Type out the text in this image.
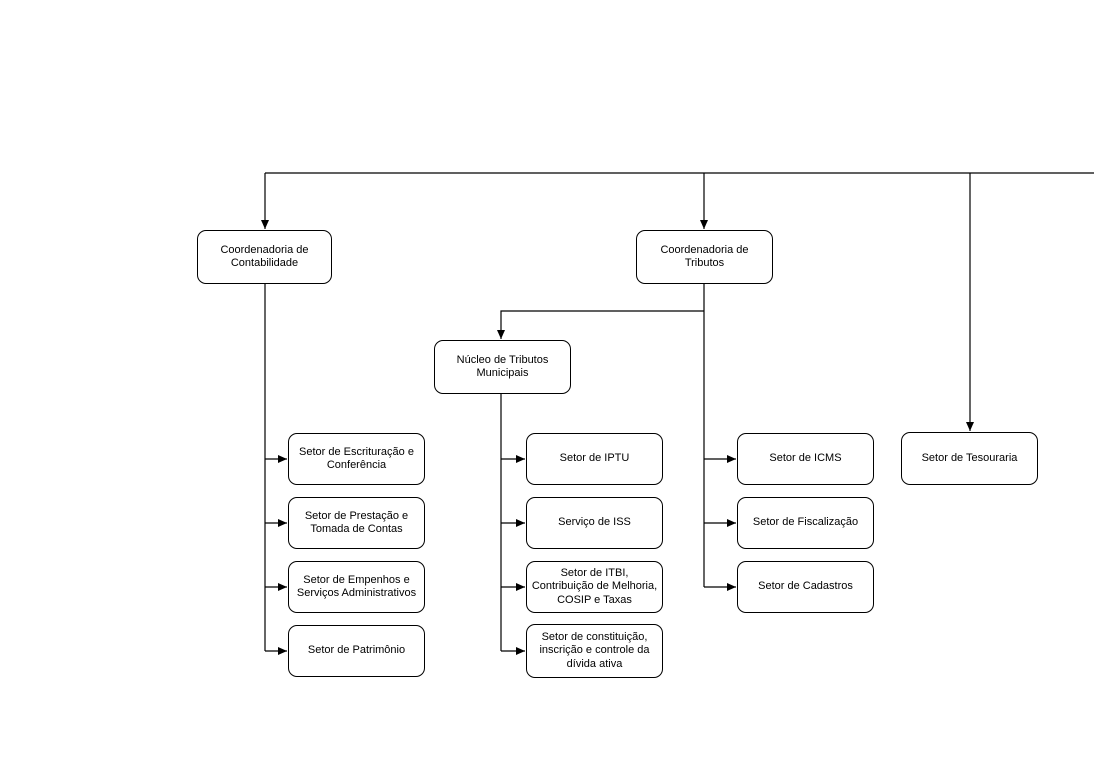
Coordenadoria de Contabilidade
Coordenadoria de Tributos
Núcleo de Tributos Municipais
Setor de Escrituração e Conferência
Setor de Prestação e Tomada de Contas
Setor de Empenhos e Serviços Administrativos
Setor de Patrimônio
Setor de IPTU
Serviço de ISS
Setor de ITBI, Contribuição de Melhoria, COSIP e Taxas
Setor de constituição, inscrição e controle da dívida ativa
Setor de ICMS
Setor de Fiscalização
Setor de Cadastros
Setor de Tesouraria
